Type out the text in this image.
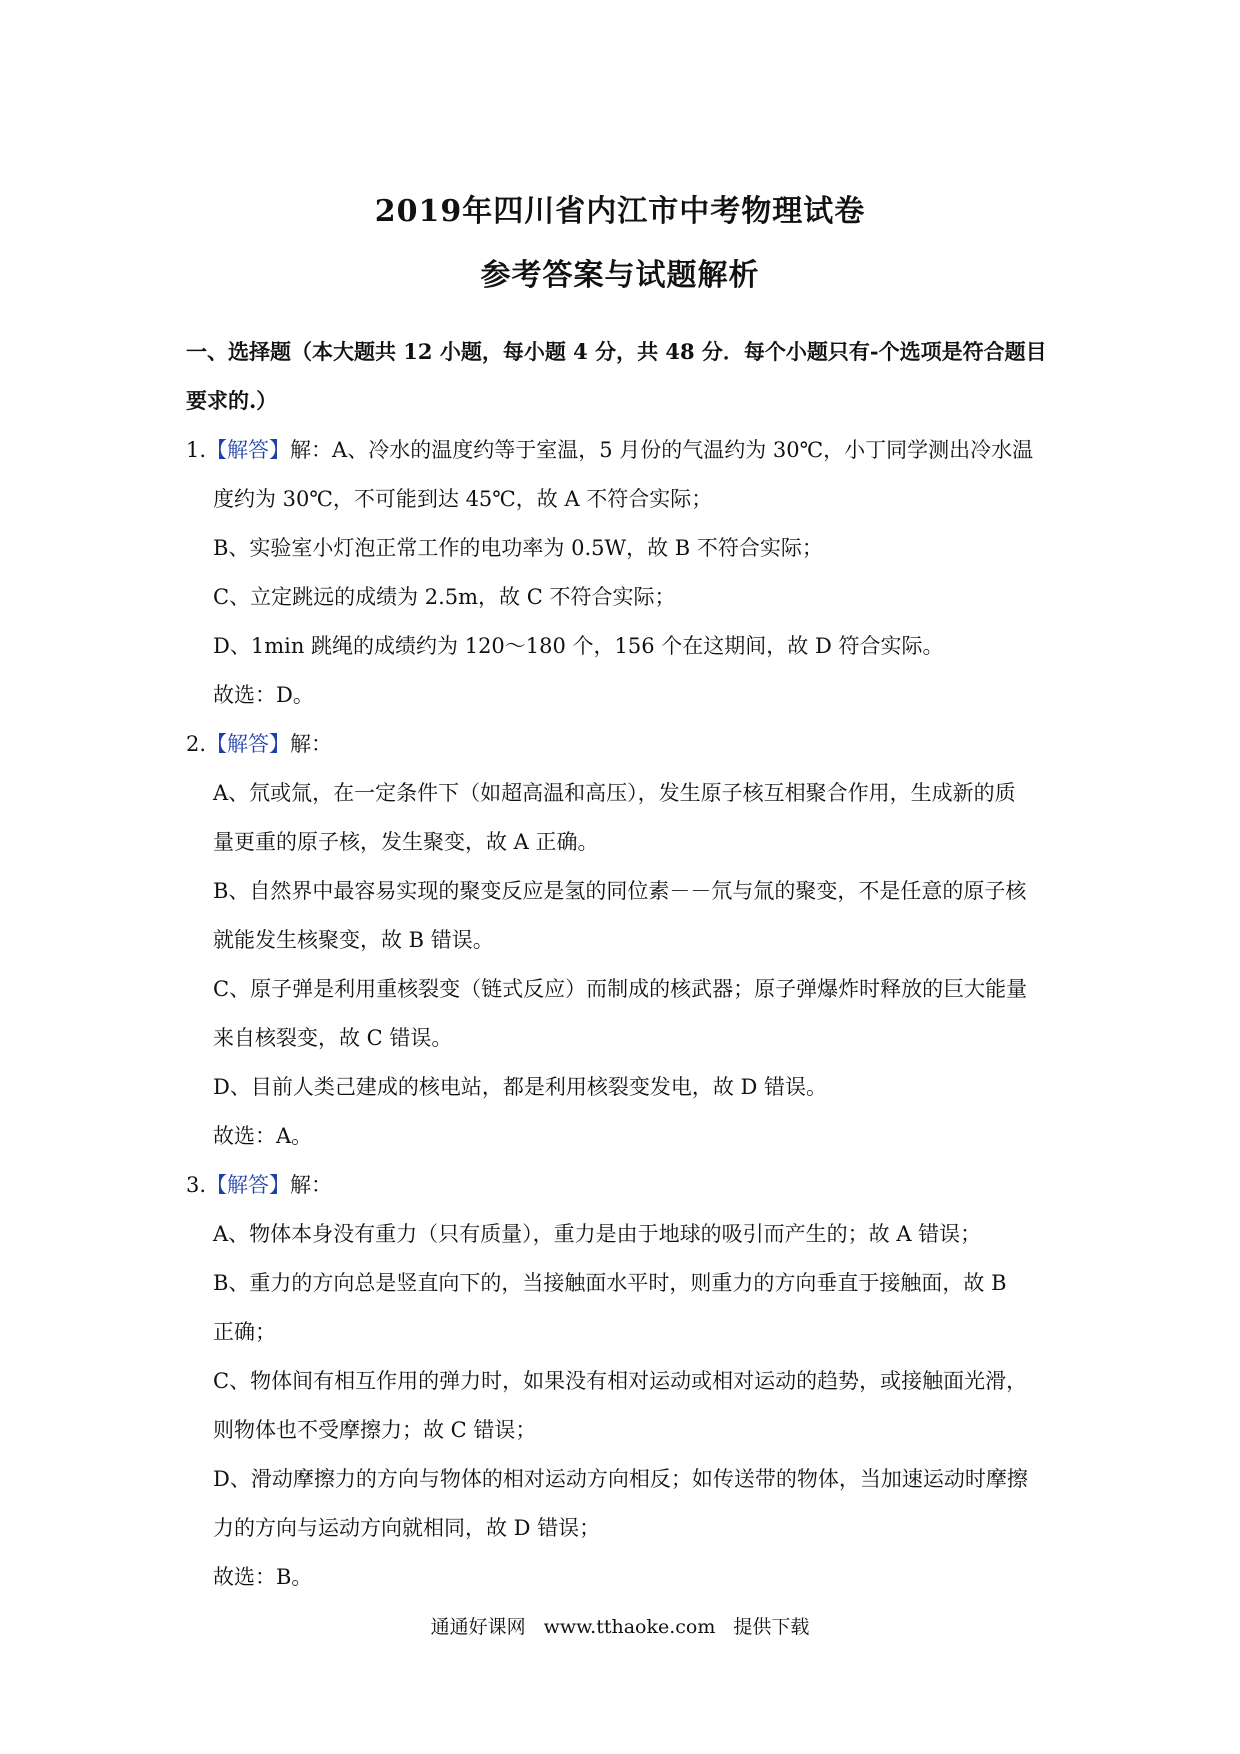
2019年四川省内江市中考物理试卷
参考答案与试题解析
一、选择题（本大题共 12 小题，每小题 4 分，共 48 分．每个小题只有-个选项是符合题目
要求的.）
1.【解答】解：A、冷水的温度约等于室温，5 月份的气温约为 30℃，小丁同学测出冷水温
度约为 30℃，不可能到达 45℃，故 A 不符合实际；
B、实验室小灯泡正常工作的电功率为 0.5W，故 B 不符合实际；
C、立定跳远的成绩为 2.5m，故 C 不符合实际；
D、1min 跳绳的成绩约为 120～180 个，156 个在这期间，故 D 符合实际。
故选：D。
2.【解答】解：
A、氘或氚，在一定条件下（如超高温和高压），发生原子核互相聚合作用，生成新的质
量更重的原子核，发生聚变，故 A 正确。
B、自然界中最容易实现的聚变反应是氢的同位素－－氘与氚的聚变，不是任意的原子核
就能发生核聚变，故 B 错误。
C、原子弹是利用重核裂变（链式反应）而制成的核武器；原子弹爆炸时释放的巨大能量
来自核裂变，故 C 错误。
D、目前人类己建成的核电站，都是利用核裂变发电，故 D 错误。
故选：A。
3.【解答】解：
A、物体本身没有重力（只有质量），重力是由于地球的吸引而产生的；故 A 错误；
B、重力的方向总是竖直向下的，当接触面水平时，则重力的方向垂直于接触面，故 B
正确；
C、物体间有相互作用的弹力时，如果没有相对运动或相对运动的趋势，或接触面光滑，
则物体也不受摩擦力；故 C 错误；
D、滑动摩擦力的方向与物体的相对运动方向相反；如传送带的物体，当加速运动时摩擦
力的方向与运动方向就相同，故 D 错误；
故选：B。
通通好课网 www.tthaoke.com 提供下载
